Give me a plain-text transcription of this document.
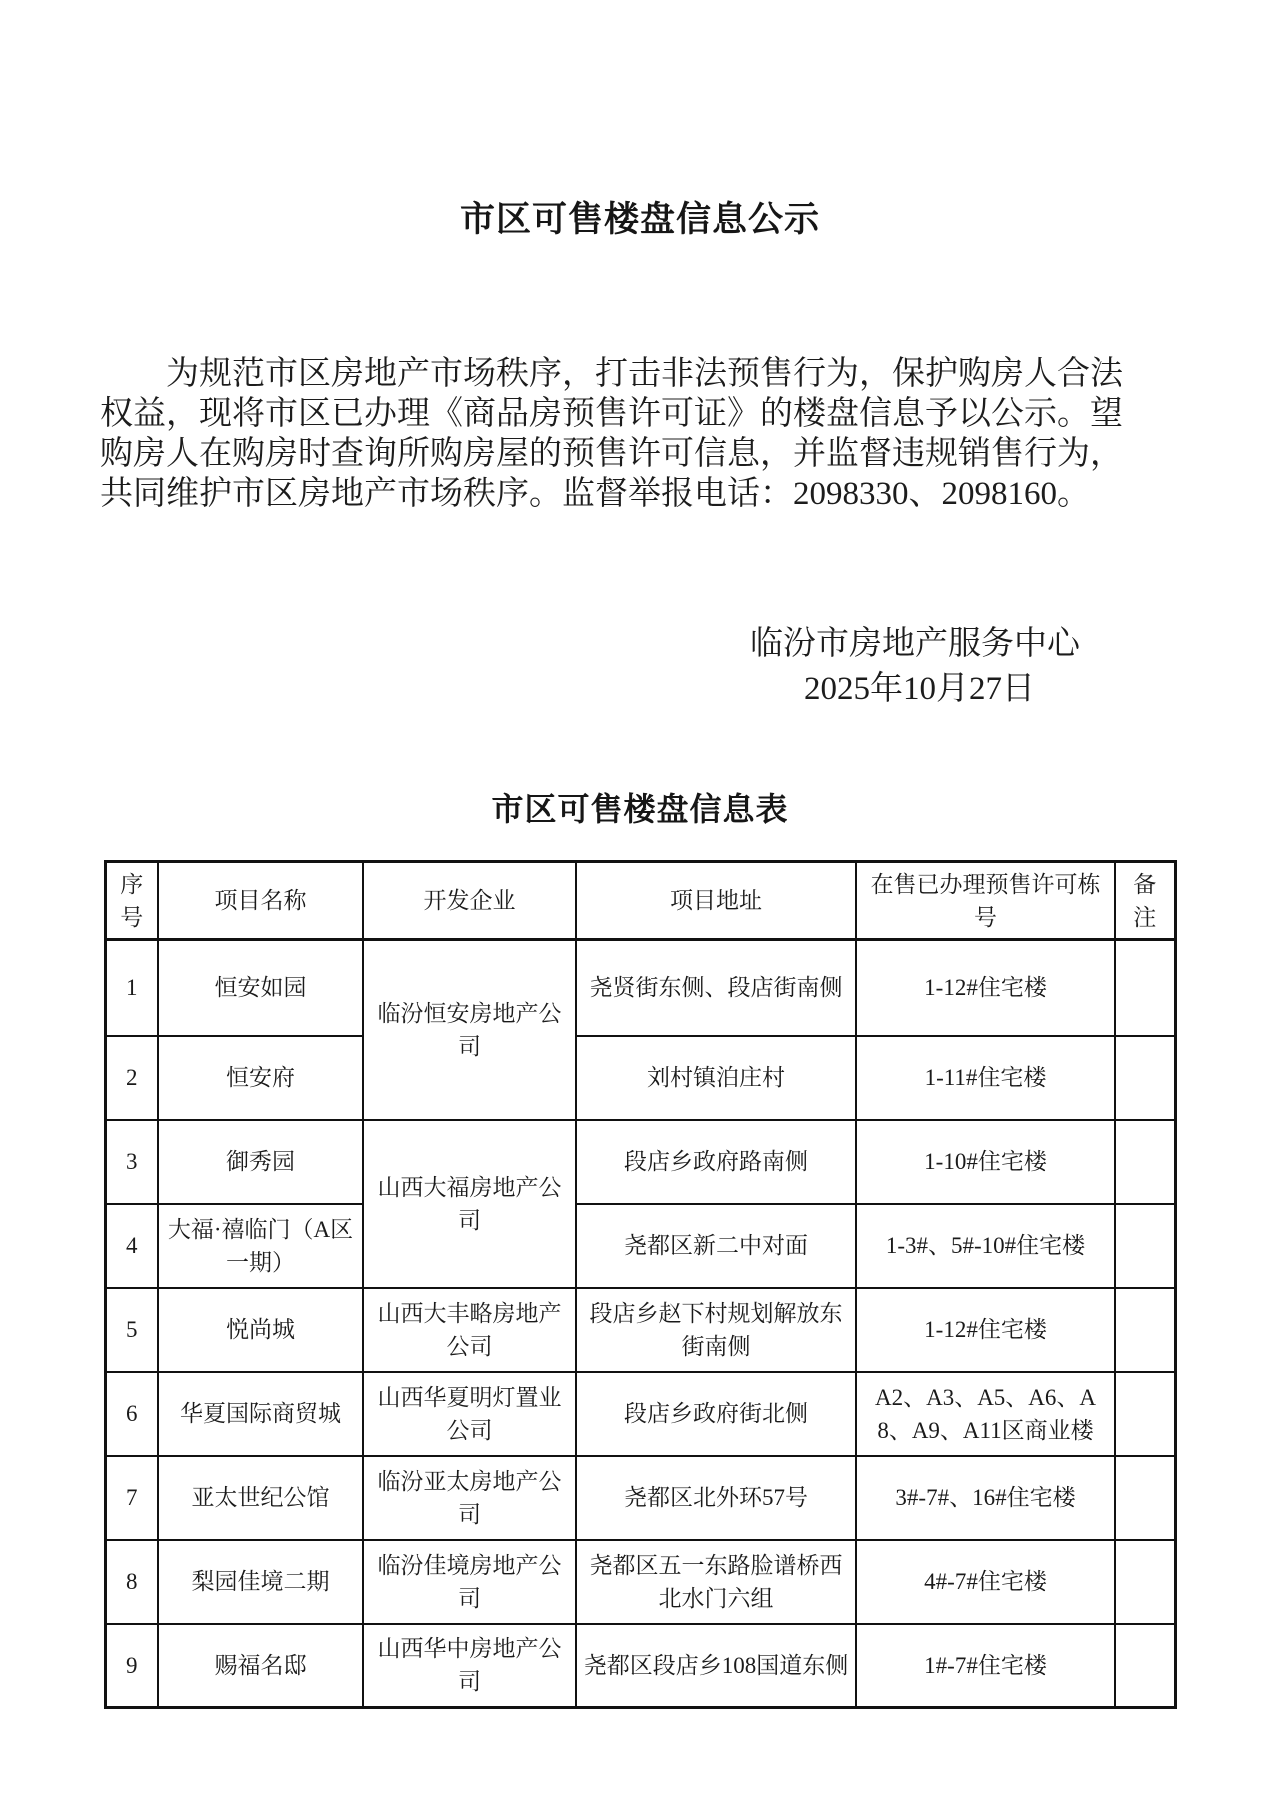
市区可售楼盘信息公示
为规范市区房地产市场秩序，打击非法预售行为，保护购房人合法
权益，现将市区已办理《商品房预售许可证》的楼盘信息予以公示。望
购房人在购房时查询所购房屋的预售许可信息，并监督违规销售行为，
共同维护市区房地产市场秩序。监督举报电话：2098330、2098160。
临汾市房地产服务中心
2025年10月27日
市区可售楼盘信息表
序号	项目名称	开发企业	项目地址	在售已办理预售许可栋号	备注
1	恒安如园	临汾恒安房地产公司	尧贤街东侧、段店街南侧	1-12#住宅楼	
2	恒安府		刘村镇泊庄村	1-11#住宅楼	
3	御秀园	山西大福房地产公司	段店乡政府路南侧	1-10#住宅楼	
4	大福·禧临门（A区一期）		尧都区新二中对面	1-3#、5#-10#住宅楼	
5	悦尚城	山西大丰略房地产公司	段店乡赵下村规划解放东街南侧	1-12#住宅楼	
6	华夏国际商贸城	山西华夏明灯置业公司	段店乡政府街北侧	A2、A3、A5、A6、A8、A9、A11区商业楼	
7	亚太世纪公馆	临汾亚太房地产公司	尧都区北外环57号	3#-7#、16#住宅楼	
8	梨园佳境二期	临汾佳境房地产公司	尧都区五一东路脸谱桥西北水门六组	4#-7#住宅楼	
9	赐福名邸	山西华中房地产公司	尧都区段店乡108国道东侧	1#-7#住宅楼	
